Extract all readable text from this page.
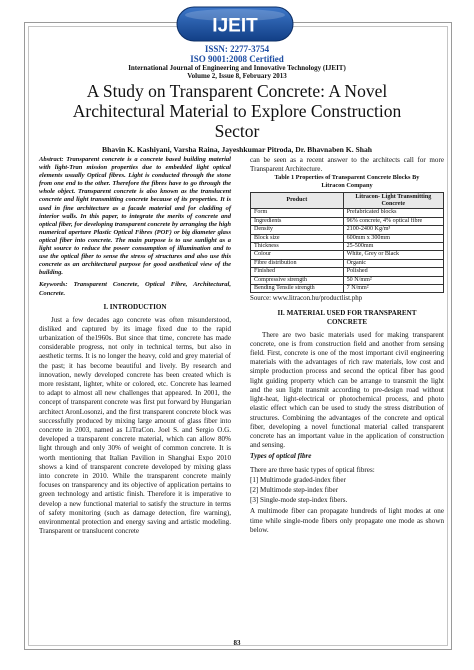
IJEIT
ISSN: 2277-3754
ISO 9001:2008 Certified
International Journal of Engineering and Innovative Technology (IJEIT)
Volume 2, Issue 8, February 2013
A Study on Transparent Concrete: A Novel
Architectural Material to Explore Construction
Sector
Bhavin K. Kashiyani, Varsha Raina, Jayeshkumar Pitroda, Dr. Bhavnaben K. Shah

Abstract: Transparent concrete is a concrete based building material with light-Tran mission properties due to embedded light optical elements usually Optical fibres. Light is conducted through the stone from one end to the other. Therefore the fibres have to go through the whole object. Transparent concrete is also known as the translucent concrete and light transmitting concrete because of its properties. It is used in fine architecture as a facade material and for cladding of interior walls. In this paper, to integrate the merits of concrete and optical fiber, for developing transparent concrete by arranging the high numerical aperture Plastic Optical Fibres (POF) or big diameter glass optical fiber into concrete. The main purpose is to use sunlight as a light source to reduce the power consumption of illumination and to use the optical fiber to sense the stress of structures and also use this concrete as an architectural purpose for good aesthetical view of the building.

Keywords: Transparent Concrete, Optical Fibre, Architectural, Concrete.

I. INTRODUCTION

Just a few decades ago concrete was often misunderstood, disliked and captured by its image fixed due to the rapid urbanization of the1960s. But since that time, concrete has made considerable progress, not only in technical terms, but also in aesthetic terms. It is no longer the heavy, cold and grey material of the past; it has become beautiful and lively. By research and innovation, newly developed concrete has been created which is more resistant, lighter, white or colored, etc. Concrete has learned to adapt to almost all new challenges that appeared. In 2001, the concept of transparent concrete was first put forward by Hungarian architect AronLosonzi, and the first transparent concrete block was successfully produced by mixing large amount of glass fiber into concrete in 2003, named as LiTraCon. Joel S. and Sergio O.G. developed a transparent concrete material, which can allow 80% light through and only 30% of weight of common concrete. It is worth mentioning that Italian Pavilion in Shanghai Expo 2010 shows a kind of transparent concrete developed by mixing glass into concrete in 2010. While the transparent concrete mainly focuses on transparency and its objective of application pertains to green technology and artistic finish. Therefore it is imperative to develop a new functional material to satisfy the structure in terms of safety monitoring (such as damage detection, fire warning), environmental protection and energy saving and artistic modeling. Transparent or translucent concrete

can be seen as a recent answer to the architects call for more Transparent Architecture.

Table 1 Properties of Transparent Concrete Blocks By
Litracon Company
Product	Litracon- Light Transmitting Concrete
Form	Prefabricated blocks
Ingredients	96% concrete, 4% optical fibre
Density	2100-2400 Kg/m³
Block size	600mm x 300mm
Thickness	25-500mm
Colour	White, Grey or Black
Fibre distribution	Organic
Finished	Polished
Compressive strength	50 N/mm²
Bending Tensile strength	7 N/mm²
Source: www.litracon.hu/productlist.php
II. MATERIAL USED FOR TRANSPARENT
CONCRETE

There are two basic materials used for making transparent concrete, one is from construction field and another from sensing field. First, concrete is one of the most important civil engineering materials with the advantages of rich raw materials, low cost and simple production process and second the optical fiber has good light guiding property which can be arrange to transmit the light and the sun light transmit according to pre-design road without light-heat, light-electrical or photochemical process, and photo elastic effect which can be used to study the stress distribution of structures. Combining the advantages of the concrete and optical fiber, developing a novel functional material called transparent concrete has an important value in the application of construction and sensing.

Types of optical fibre
There are three basic types of optical fibres:
[1] Multimode graded-index fiber
[2] Multimode step-index fiber
[3] Single-mode step-index fibers.

A multimode fiber can propagate hundreds of light modes at one time while single-mode fibers only propagate one mode as shown below.

83
